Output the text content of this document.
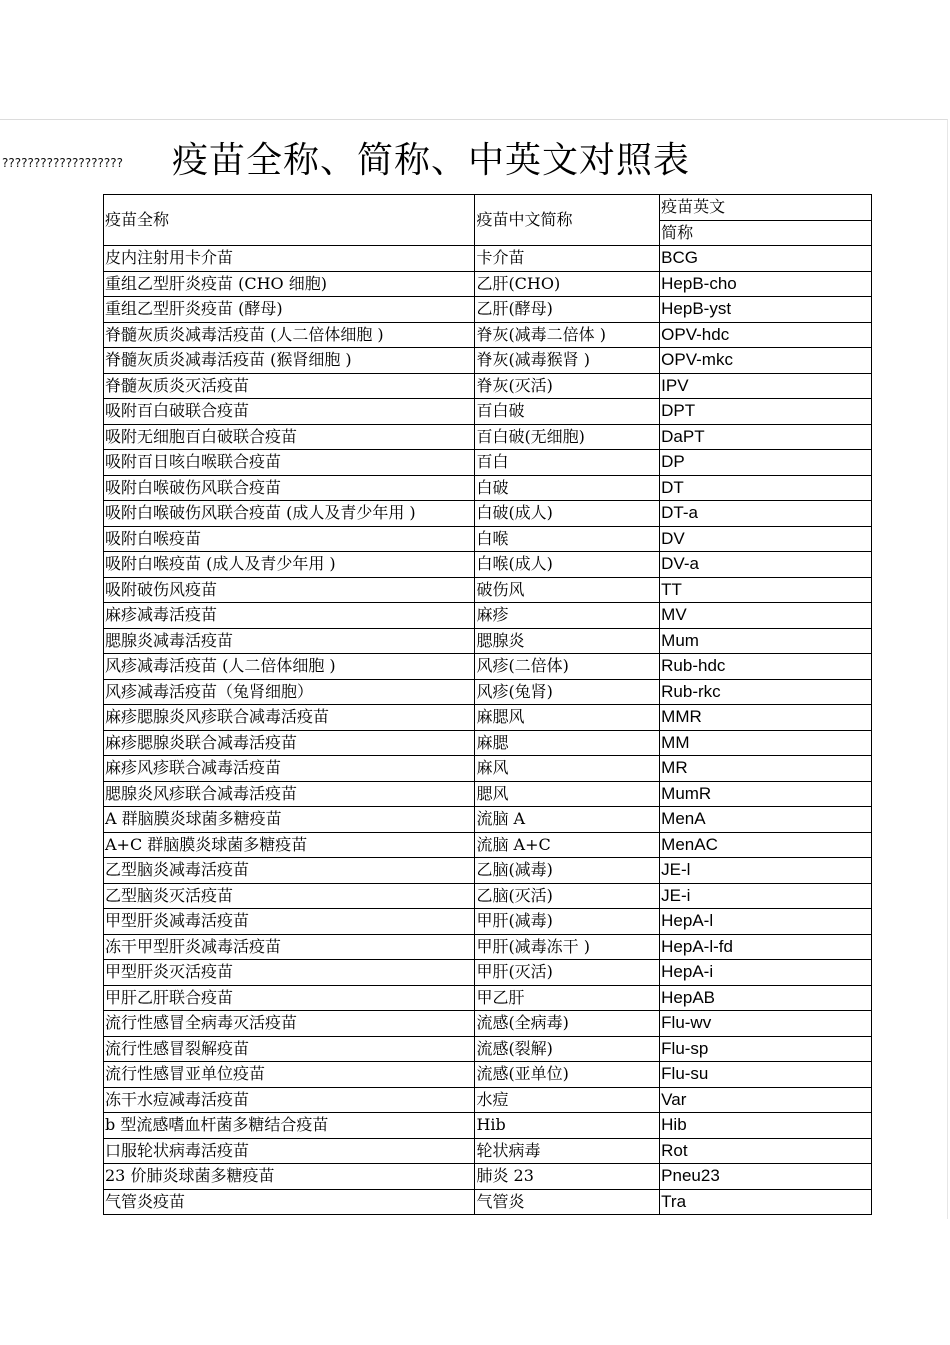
??????????????????? 疫苗全称、简称、中英文对照表
疫苗全称	疫苗中文简称	疫苗英文
		简称
皮内注射用卡介苗	卡介苗	BCG
重组乙型肝炎疫苗 (CHO 细胞)	乙肝(CHO)	HepB-cho
重组乙型肝炎疫苗 (酵母)	乙肝(酵母)	HepB-yst
脊髓灰质炎减毒活疫苗 (人二倍体细胞 )	脊灰(减毒二倍体 )	OPV-hdc
脊髓灰质炎减毒活疫苗 (猴肾细胞 )	脊灰(减毒猴肾 )	OPV-mkc
脊髓灰质炎灭活疫苗	脊灰(灭活)	IPV
吸附百白破联合疫苗	百白破	DPT
吸附无细胞百白破联合疫苗	百白破(无细胞)	DaPT
吸附百日咳白喉联合疫苗	百白	DP
吸附白喉破伤风联合疫苗	白破	DT
吸附白喉破伤风联合疫苗 (成人及青少年用 )	白破(成人)	DT-a
吸附白喉疫苗	白喉	DV
吸附白喉疫苗 (成人及青少年用 )	白喉(成人)	DV-a
吸附破伤风疫苗	破伤风	TT
麻疹减毒活疫苗	麻疹	MV
腮腺炎减毒活疫苗	腮腺炎	Mum
风疹减毒活疫苗 (人二倍体细胞 )	风疹(二倍体)	Rub-hdc
风疹减毒活疫苗（兔肾细胞）	风疹(兔肾)	Rub-rkc
麻疹腮腺炎风疹联合减毒活疫苗	麻腮风	MMR
麻疹腮腺炎联合减毒活疫苗	麻腮	MM
麻疹风疹联合减毒活疫苗	麻风	MR
腮腺炎风疹联合减毒活疫苗	腮风	MumR
A 群脑膜炎球菌多糖疫苗	流脑 A	MenA
A+C 群脑膜炎球菌多糖疫苗	流脑 A+C	MenAC
乙型脑炎减毒活疫苗	乙脑(减毒)	JE-l
乙型脑炎灭活疫苗	乙脑(灭活)	JE-i
甲型肝炎减毒活疫苗	甲肝(减毒)	HepA-l
冻干甲型肝炎减毒活疫苗	甲肝(减毒冻干 )	HepA-l-fd
甲型肝炎灭活疫苗	甲肝(灭活)	HepA-i
甲肝乙肝联合疫苗	甲乙肝	HepAB
流行性感冒全病毒灭活疫苗	流感(全病毒)	Flu-wv
流行性感冒裂解疫苗	流感(裂解)	Flu-sp
流行性感冒亚单位疫苗	流感(亚单位)	Flu-su
冻干水痘减毒活疫苗	水痘	Var
b 型流感嗜血杆菌多糖结合疫苗	Hib	Hib
口服轮状病毒活疫苗	轮状病毒	Rot
23 价肺炎球菌多糖疫苗	肺炎 23	Pneu23
气管炎疫苗	气管炎	Tra
